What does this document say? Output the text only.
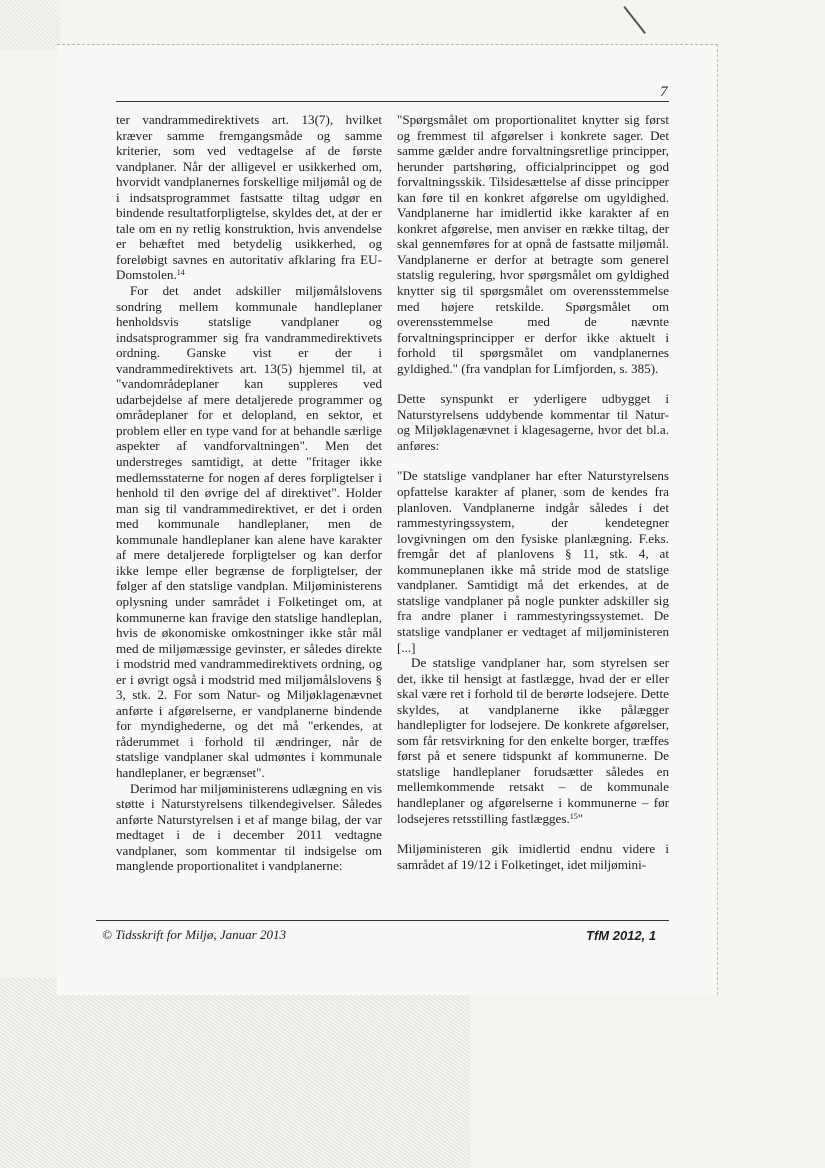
7

ter vandrammedirektivets art. 13(7), hvilket kræver samme fremgangsmåde og samme kriterier, som ved vedtagelse af de første vandplaner. Når der alligevel er usikkerhed om, hvorvidt vandplanernes forskellige miljømål og de i indsatsprogrammet fastsatte tiltag udgør en bindende resultatforpligtelse, skyldes det, at der er tale om en ny retlig konstruktion, hvis anvendelse er behæftet med betydelig usikkerhed, og foreløbigt savnes en autoritativ afklaring fra EU-Domstolen.$^{14}$

For det andet adskiller miljømålslovens sondring mellem kommunale handleplaner henholdsvis statslige vandplaner og indsatsprogrammer sig fra vandrammedirektivets ordning. Ganske vist er der i vandrammedirektivets art. 13(5) hjemmel til, at "vandområdeplaner kan suppleres ved udarbejdelse af mere detaljerede programmer og områdeplaner for et delopland, en sektor, et problem eller en type vand for at behandle særlige aspekter af vandforvaltningen". Men det understreges samtidigt, at dette "fritager ikke medlemsstaterne for nogen af deres forpligtelser i henhold til den øvrige del af direktivet". Holder man sig til vandrammedirektivet, er det i orden med kommunale handleplaner, men de kommunale handleplaner kan alene have karakter af mere detaljerede forpligtelser og kan derfor ikke lempe eller begrænse de forpligtelser, der følger af den statslige vandplan. Miljøministerens oplysning under samrådet i Folketinget om, at kommunerne kan fravige den statslige handleplan, hvis de økonomiske omkostninger ikke står mål med de miljømæssige gevinster, er således direkte i modstrid med vandrammedirektivets ordning, og er i øvrigt også i modstrid med miljømålslovens § 3, stk. 2. For som Natur- og Miljøklagenævnet anførte i afgørelserne, er vandplanerne bindende for myndighederne, og det må "erkendes, at råderummet i forhold til ændringer, når de statslige vandplaner skal udmøntes i kommunale handleplaner, er begrænset".

Derimod har miljøministerens udlægning en vis støtte i Naturstyrelsens tilkendegivelser. Således anførte Naturstyrelsen i et af mange bilag, der var medtaget i de i december 2011 vedtagne vandplaner, som kommentar til indsigelse om manglende proportionalitet i vandplanerne:

"Spørgsmålet om proportionalitet knytter sig først og fremmest til afgørelser i konkrete sager. Det samme gælder andre forvaltningsretlige principper, herunder partshøring, officialprincippet og god forvaltningsskik. Tilsidesættelse af disse principper kan føre til en konkret afgørelse om ugyldighed. Vandplanerne har imidlertid ikke karakter af en konkret afgørelse, men anviser en række tiltag, der skal gennemføres for at opnå de fastsatte miljømål. Vandplanerne er derfor at betragte som generel statslig regulering, hvor spørgsmålet om gyldighed knytter sig til spørgsmålet om overensstemmelse med højere retskilde. Spørgsmålet om overensstemmelse med de nævnte forvaltningsprincipper er derfor ikke aktuelt i forhold til spørgsmålet om vandplanernes gyldighed." (fra vandplan for Limfjorden, s. 385).

Dette synspunkt er yderligere udbygget i Naturstyrelsens uddybende kommentar til Natur- og Miljøklagenævnet i klagesagerne, hvor det bl.a. anføres:

"De statslige vandplaner har efter Naturstyrelsens opfattelse karakter af planer, som de kendes fra planloven. Vandplanerne indgår således i det rammestyringssystem, der kendetegner lovgivningen om den fysiske planlægning. F.eks. fremgår det af planlovens § 11, stk. 4, at kommuneplanen ikke må stride mod de statslige vandplaner. Samtidigt må det erkendes, at de statslige vandplaner på nogle punkter adskiller sig fra andre planer i rammestyringssystemet. De statslige vandplaner er vedtaget af miljøministeren [...]

De statslige vandplaner har, som styrelsen ser det, ikke til hensigt at fastlægge, hvad der er eller skal være ret i forhold til de berørte lodsejere. Dette skyldes, at vandplanerne ikke pålægger handlepligter for lodsejere. De konkrete afgørelser, som får retsvirkning for den enkelte borger, træffes først på et senere tidspunkt af kommunerne. De statslige handleplaner forudsætter således en mellemkommende retsakt – de kommunale handleplaner og afgørelserne i kommunerne – før lodsejeres retsstilling fastlægges.$^{15}$"

Miljøministeren gik imidlertid endnu videre i samrådet af 19/12 i Folketinget, idet miljømini-

© Tidsskrift for Miljø, Januar 2013	TfM 2012, 1
